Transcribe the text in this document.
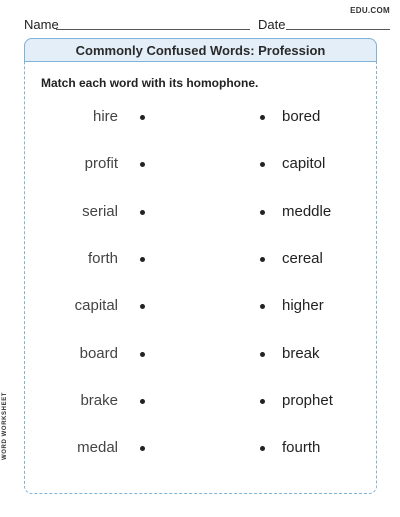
Name	Date
EDU.COM
Commonly Confused Words: Profession
Match each word with its homophone.
hire	bored
profit	capitol
serial	meddle
forth	cereal
capital	higher
board	break
brake	prophet
medal	fourth
WORD WORKSHEET
